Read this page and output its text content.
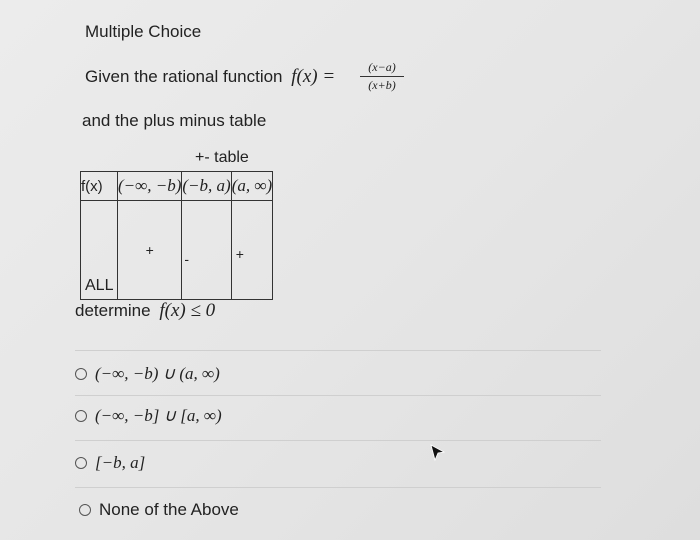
Multiple Choice
Given the rational function f(x) =	(x−a)
(x+b)
and the plus minus table
+- table
f(x)	(−∞, −b)	(−b, a)	(a, ∞)
ALL	+	-	+
determine f(x) ≤ 0
(−∞, −b) ∪ (a, ∞)
(−∞, −b] ∪ [a, ∞)
[−b, a]
None of the Above
